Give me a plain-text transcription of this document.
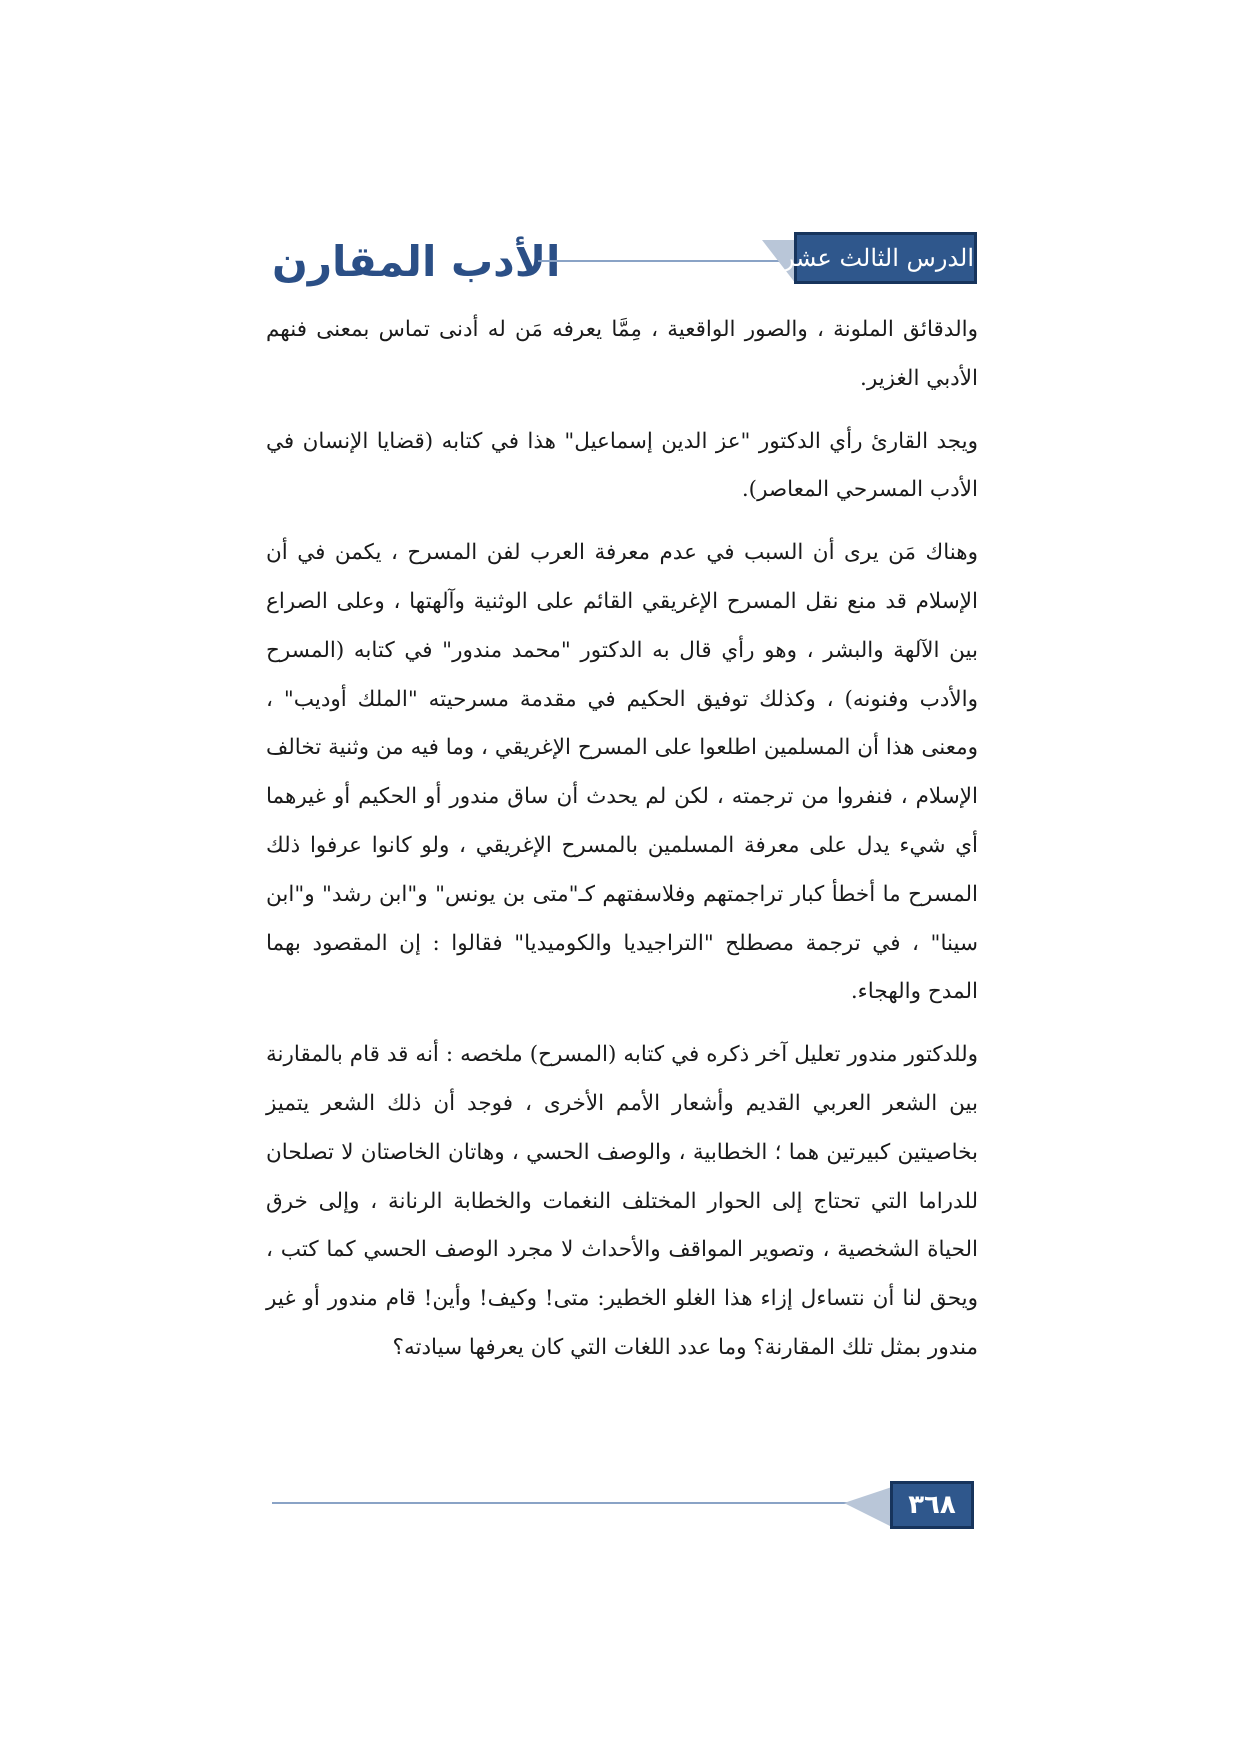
الأدب المقارن	الدرس الثالث عشر

والدقائق الملونة ، والصور الواقعية ، مِمَّا يعرفه مَن له أدنى تماس بمعنى فنهم الأدبي الغزير.

ويجد القارئ رأي الدكتور "عز الدين إسماعيل" هذا في كتابه (قضايا الإنسان في الأدب المسرحي المعاصر).

وهناك مَن يرى أن السبب في عدم معرفة العرب لفن المسرح ، يكمن في أن الإسلام قد منع نقل المسرح الإغريقي القائم على الوثنية وآلهتها ، وعلى الصراع بين الآلهة والبشر ، وهو رأي قال به الدكتور "محمد مندور" في كتابه (المسرح والأدب وفنونه) ، وكذلك توفيق الحكيم في مقدمة مسرحيته "الملك أوديب" ، ومعنى هذا أن المسلمين اطلعوا على المسرح الإغريقي ، وما فيه من وثنية تخالف الإسلام ، فنفروا من ترجمته ، لكن لم يحدث أن ساق مندور أو الحكيم أو غيرهما أي شيء يدل على معرفة المسلمين بالمسرح الإغريقي ، ولو كانوا عرفوا ذلك المسرح ما أخطأ كبار تراجمتهم وفلاسفتهم كـ"متى بن يونس" و"ابن رشد" و"ابن سينا" ، في ترجمة مصطلح "التراجيديا والكوميديا" فقالوا : إن المقصود بهما المدح والهجاء.

وللدكتور مندور تعليل آخر ذكره في كتابه (المسرح) ملخصه : أنه قد قام بالمقارنة بين الشعر العربي القديم وأشعار الأمم الأخرى ، فوجد أن ذلك الشعر يتميز بخاصيتين كبيرتين هما ؛ الخطابية ، والوصف الحسي ، وهاتان الخاصتان لا تصلحان للدراما التي تحتاج إلى الحوار المختلف النغمات والخطابة الرنانة ، وإلى خرق الحياة الشخصية ، وتصوير المواقف والأحداث لا مجرد الوصف الحسي كما كتب ، ويحق لنا أن نتساءل إزاء هذا الغلو الخطير: متى! وكيف! وأين! قام مندور أو غير مندور بمثل تلك المقارنة؟ وما عدد اللغات التي كان يعرفها سيادته؟

٣٦٨
